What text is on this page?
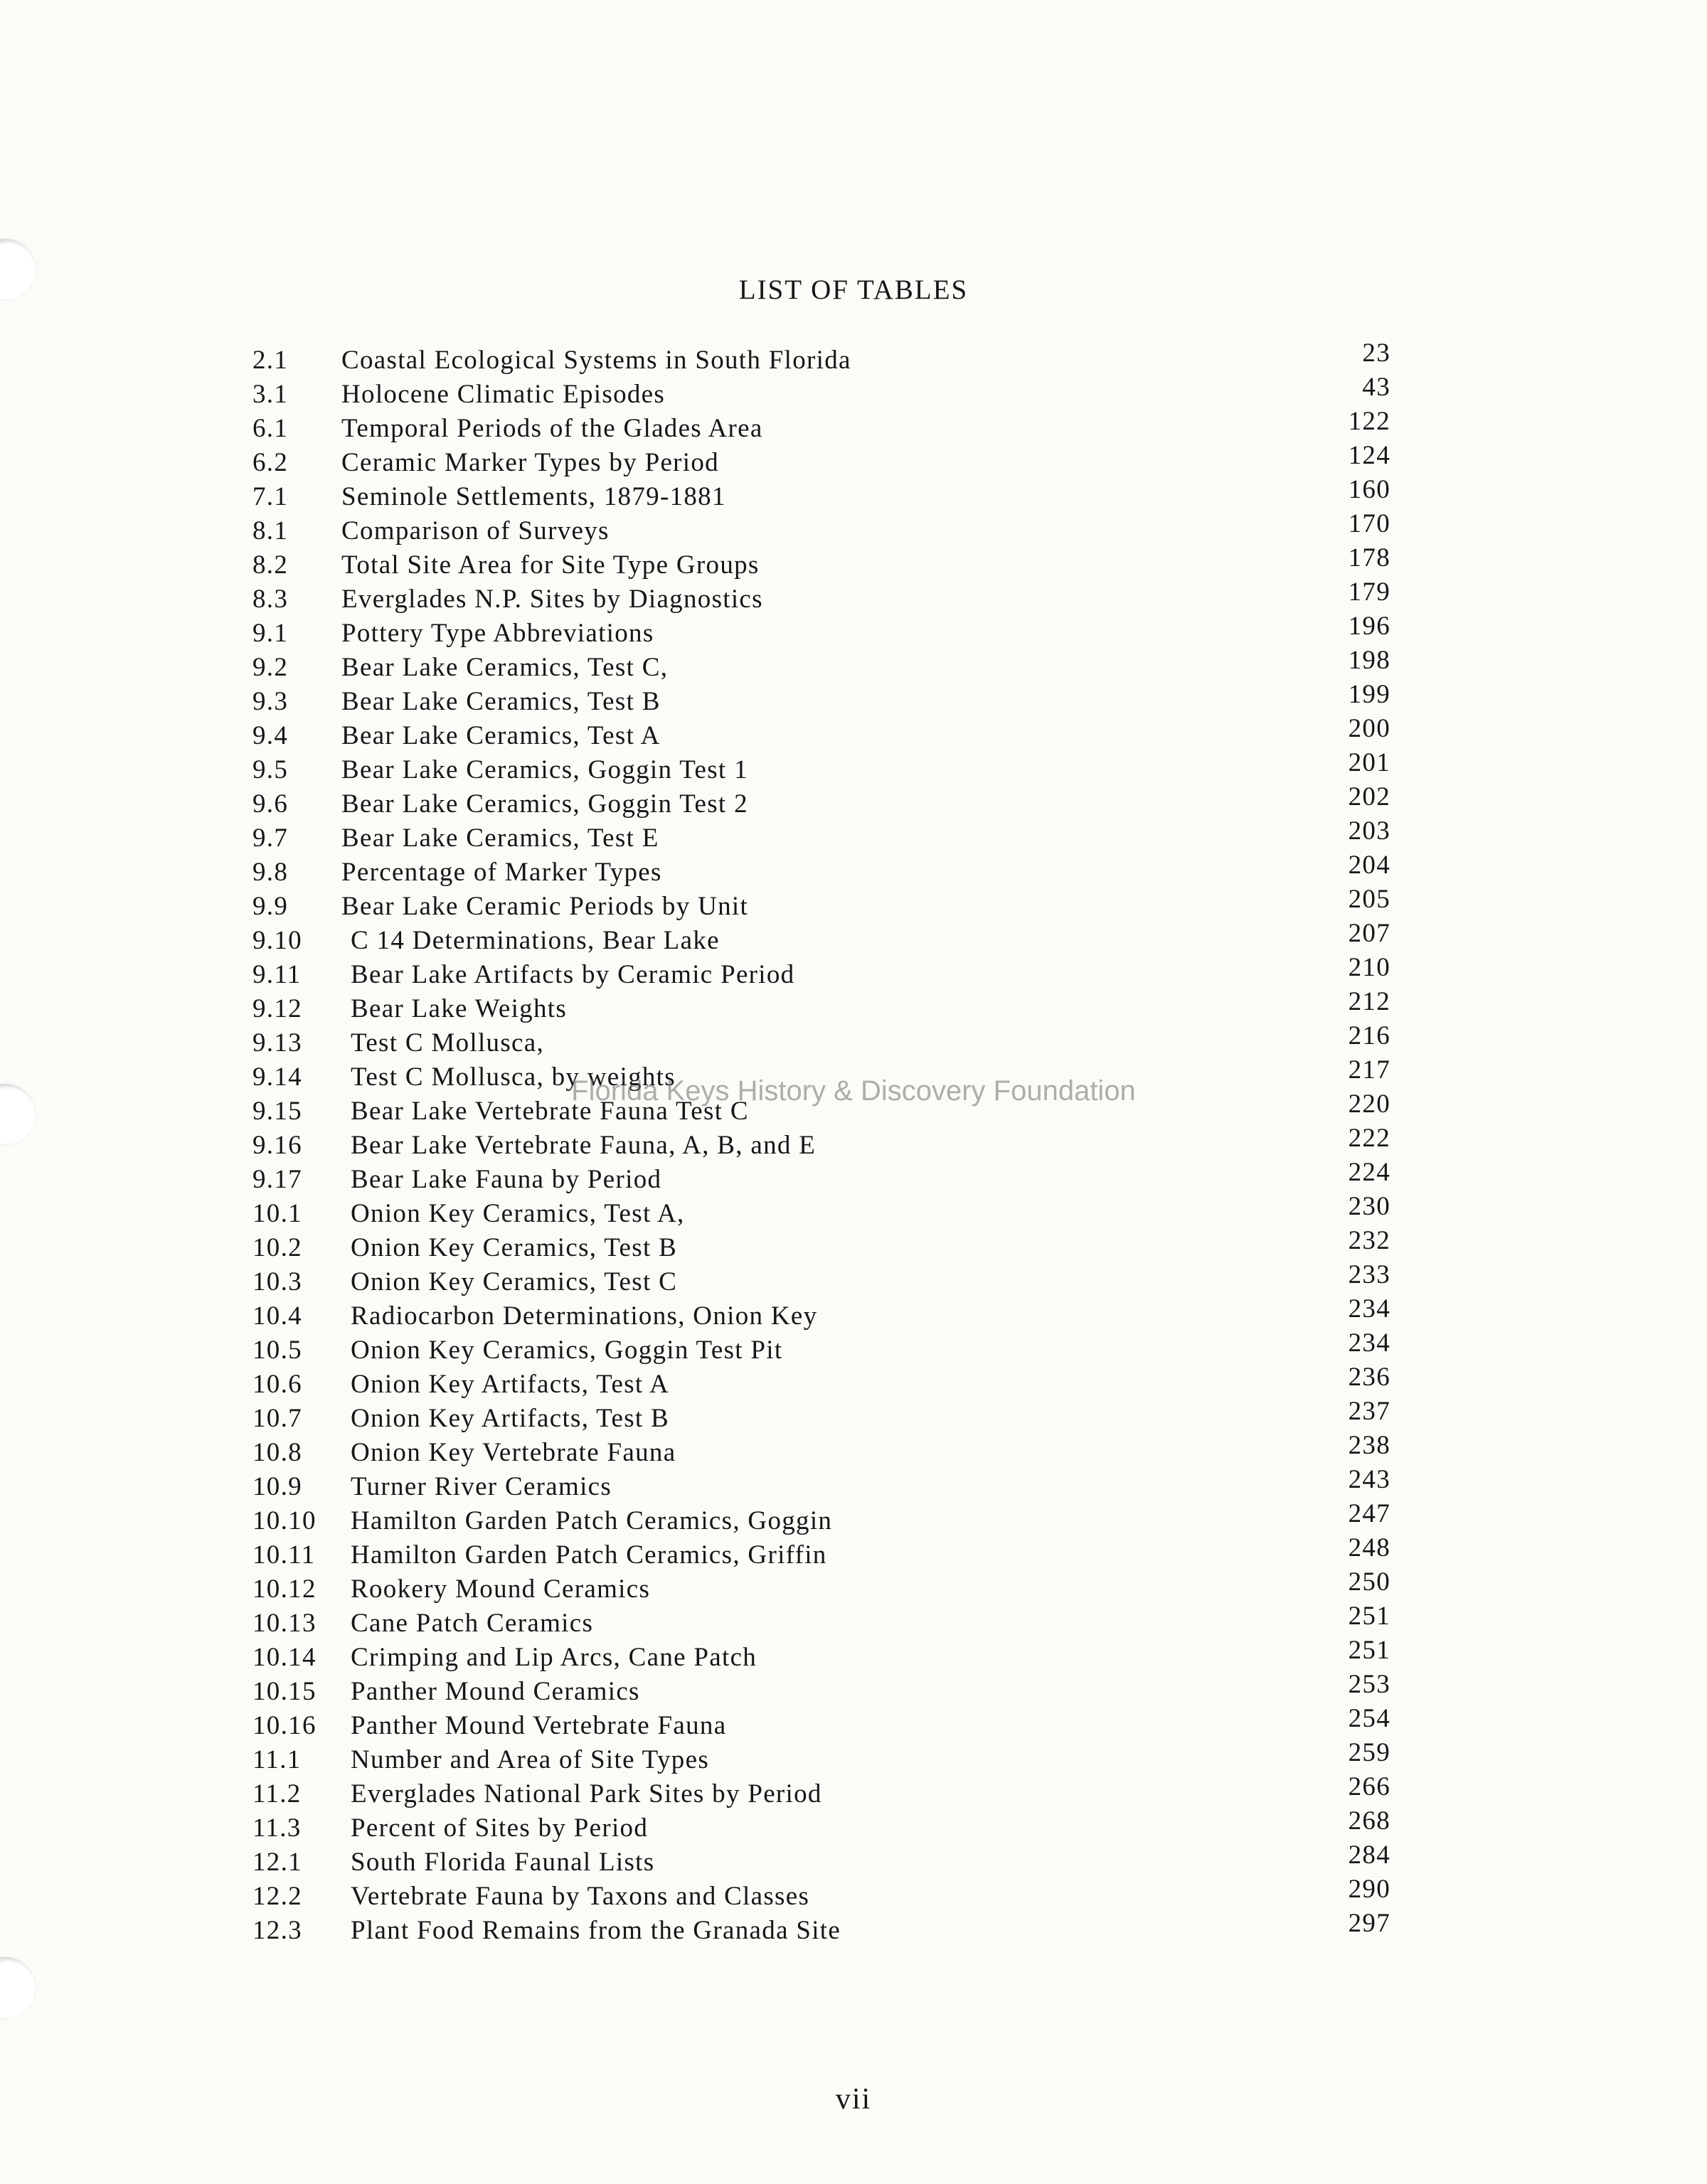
LIST OF TABLES
2.1 Coastal Ecological Systems in South Florida	23
3.1 Holocene Climatic Episodes	43
6.1 Temporal Periods of the Glades Area	122
6.2 Ceramic Marker Types by Period	124
7.1 Seminole Settlements, 1879-1881	160
8.1 Comparison of Surveys	170
8.2 Total Site Area for Site Type Groups	178
8.3 Everglades N.P. Sites by Diagnostics	179
9.1 Pottery Type Abbreviations	196
9.2 Bear Lake Ceramics, Test C,	198
9.3 Bear Lake Ceramics, Test B	199
9.4 Bear Lake Ceramics, Test A	200
9.5 Bear Lake Ceramics, Goggin Test 1	201
9.6 Bear Lake Ceramics, Goggin Test 2	202
9.7 Bear Lake Ceramics, Test E	203
9.8 Percentage of Marker Types	204
9.9 Bear Lake Ceramic Periods by Unit	205
9.10 C 14 Determinations, Bear Lake	207
9.11 Bear Lake Artifacts by Ceramic Period	210
9.12 Bear Lake Weights	212
9.13 Test C Mollusca,	216
9.14 Test C Mollusca, by weights	217
9.15 Bear Lake Vertebrate Fauna Test C	220
9.16 Bear Lake Vertebrate Fauna, A, B, and E	222
9.17 Bear Lake Fauna by Period	224
10.1 Onion Key Ceramics, Test A,	230
10.2 Onion Key Ceramics, Test B	232
10.3 Onion Key Ceramics, Test C	233
10.4 Radiocarbon Determinations, Onion Key	234
10.5 Onion Key Ceramics, Goggin Test Pit	234
10.6 Onion Key Artifacts, Test A	236
10.7 Onion Key Artifacts, Test B	237
10.8 Onion Key Vertebrate Fauna	238
10.9 Turner River Ceramics	243
10.10 Hamilton Garden Patch Ceramics, Goggin	247
10.11 Hamilton Garden Patch Ceramics, Griffin	248
10.12 Rookery Mound Ceramics	250
10.13 Cane Patch Ceramics	251
10.14 Crimping and Lip Arcs, Cane Patch	251
10.15 Panther Mound Ceramics	253
10.16 Panther Mound Vertebrate Fauna	254
11.1 Number and Area of Site Types	259
11.2 Everglades National Park Sites by Period	266
11.3 Percent of Sites by Period	268
12.1 South Florida Faunal Lists	284
12.2 Vertebrate Fauna by Taxons and Classes	290
12.3 Plant Food Remains from the Granada Site	297
Florida Keys History & Discovery Foundation
vii
